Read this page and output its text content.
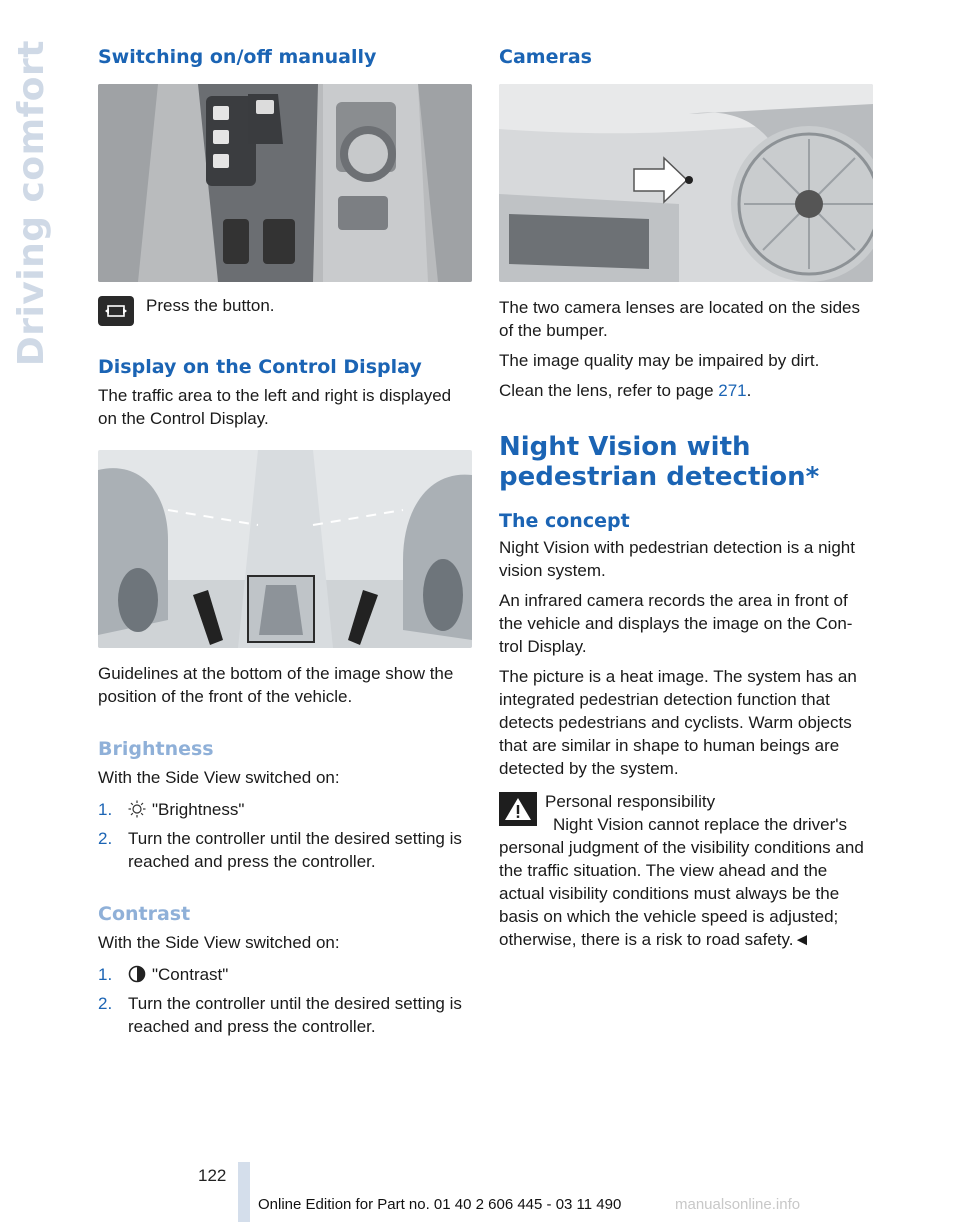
Driving comfort Switching on/off manually

Press the button.

Display on the Control Display

The traffic area to the left and right is displayed on the Control Display.

Guidelines at the bottom of the image show the position of the front of the vehicle.

Brightness

With the Side View switched on:

1.	"Brightness"
2. Turn the controller until the desired setting is reached and press the controller.
Contrast

With the Side View switched on:

1.	"Contrast"
2. Turn the controller until the desired setting is reached and press the controller.
Cameras

The two camera lenses are located on the sides of the bumper.

The image quality may be impaired by dirt.

Clean the lens, refer to page 271.

Night Vision with pedestrian detection*
The concept

Night Vision with pedestrian detection is a night vision system.

An infrared camera records the area in front of the vehicle and displays the image on the Con-trol Display.

The picture is a heat image. The system has an integrated pedestrian detection function that detects pedestrians and cyclists. Warm objects that are similar in shape to human beings are detected by the system.

Personal responsibility

Night Vision cannot replace the driver's personal judgment of the visibility conditions and the traffic situation. The view ahead and the actual visibility conditions must always be the basis on which the vehicle speed is adjusted; otherwise, there is a risk to road safety.◄

122
Online Edition for Part no. 01 40 2 606 445 - 03 11 490	manualsonline.info
